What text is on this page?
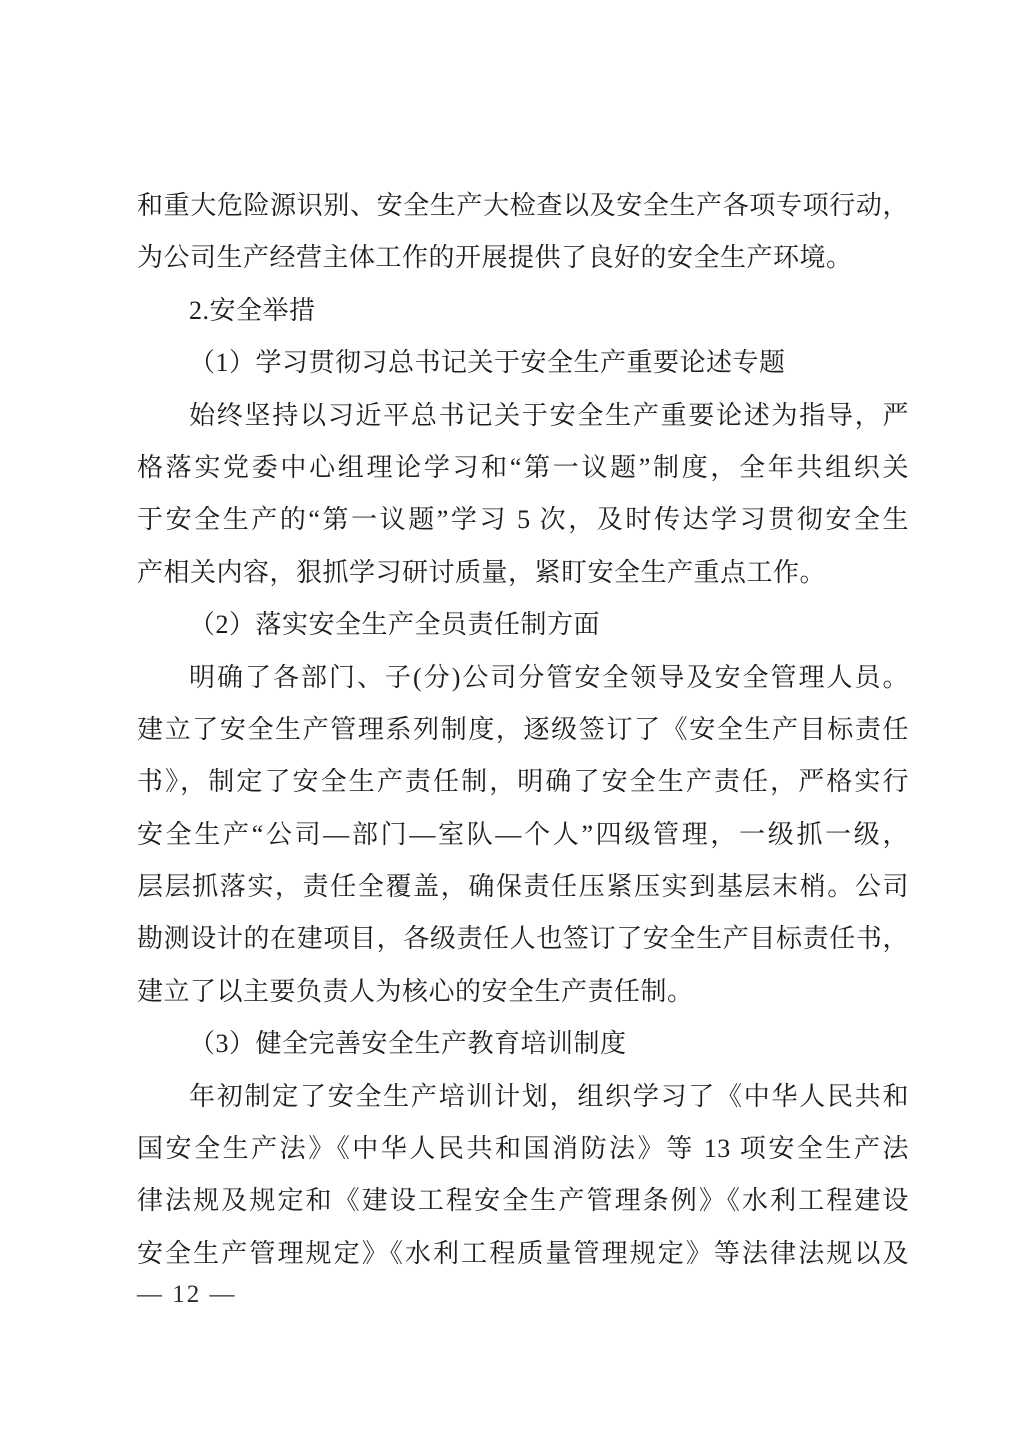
和重大危险源识别、安全生产大检查以及安全生产各项专项行动，
为公司生产经营主体工作的开展提供了良好的安全生产环境。
2.安全举措
（1）学习贯彻习总书记关于安全生产重要论述专题
始终坚持以习近平总书记关于安全生产重要论述为指导，严
格落实党委中心组理论学习和“第一议题”制度，全年共组织关
于安全生产的“第一议题”学习 5 次，及时传达学习贯彻安全生
产相关内容，狠抓学习研讨质量，紧盯安全生产重点工作。
（2）落实安全生产全员责任制方面
明确了各部门、子(分)公司分管安全领导及安全管理人员。
建立了安全生产管理系列制度，逐级签订了《安全生产目标责任
书》，制定了安全生产责任制，明确了安全生产责任，严格实行
安全生产“公司—部门—室队—个人”四级管理，一级抓一级，
层层抓落实，责任全覆盖，确保责任压紧压实到基层末梢。公司
勘测设计的在建项目，各级责任人也签订了安全生产目标责任书，
建立了以主要负责人为核心的安全生产责任制。
（3）健全完善安全生产教育培训制度
年初制定了安全生产培训计划，组织学习了《中华人民共和
国安全生产法》《中华人民共和国消防法》等 13 项安全生产法
律法规及规定和《建设工程安全生产管理条例》《水利工程建设
安全生产管理规定》《水利工程质量管理规定》等法律法规以及
— 12 —
